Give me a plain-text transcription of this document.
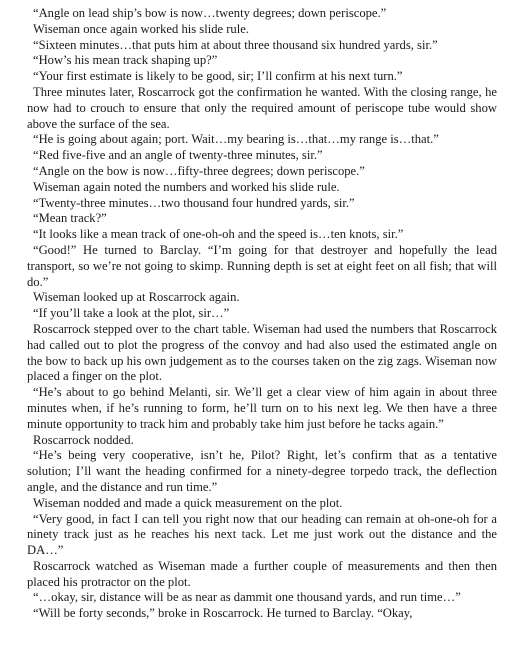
“Angle on lead ship’s bow is now…twenty degrees; down periscope.”

Wiseman once again worked his slide rule.

“Sixteen minutes…that puts him at about three thousand six hundred yards, sir.”

“How’s his mean track shaping up?”

“Your first estimate is likely to be good, sir; I’ll confirm at his next turn.”

Three minutes later, Roscarrock got the confirmation he wanted. With the closing range, he now had to crouch to ensure that only the required amount of periscope tube would show above the surface of the sea.

“He is going about again; port. Wait…my bearing is…that…my range is…that.”

“Red five-five and an angle of twenty-three minutes, sir.”

“Angle on the bow is now…fifty-three degrees; down periscope.”

Wiseman again noted the numbers and worked his slide rule.

“Twenty-three minutes…two thousand four hundred yards, sir.”

“Mean track?”

“It looks like a mean track of one-oh-oh and the speed is…ten knots, sir.”

“Good!” He turned to Barclay. “I’m going for that destroyer and hopefully the lead transport, so we’re not going to skimp. Running depth is set at eight feet on all fish; that will do.”

Wiseman looked up at Roscarrock again.

“If you’ll take a look at the plot, sir…”

Roscarrock stepped over to the chart table. Wiseman had used the numbers that Roscarrock had called out to plot the progress of the convoy and had also used the estimated angle on the bow to back up his own judgement as to the courses taken on the zig zags. Wiseman now placed a finger on the plot.

“He’s about to go behind Melanti, sir. We’ll get a clear view of him again in about three minutes when, if he’s running to form, he’ll turn on to his next leg. We then have a three minute opportunity to track him and probably take him just before he tacks again.”

Roscarrock nodded.

“He’s being very cooperative, isn’t he, Pilot? Right, let’s confirm that as a tentative solution; I’ll want the heading confirmed for a ninety-degree torpedo track, the deflection angle, and the distance and run time.”

Wiseman nodded and made a quick measurement on the plot.

“Very good, in fact I can tell you right now that our heading can remain at oh-one-oh for a ninety track just as he reaches his next tack. Let me just work out the distance and the DA…”

Roscarrock watched as Wiseman made a further couple of measurements and then then placed his protractor on the plot.

“…okay, sir, distance will be as near as dammit one thousand yards, and run time…”

“Will be forty seconds,” broke in Roscarrock. He turned to Barclay. “Okay,
